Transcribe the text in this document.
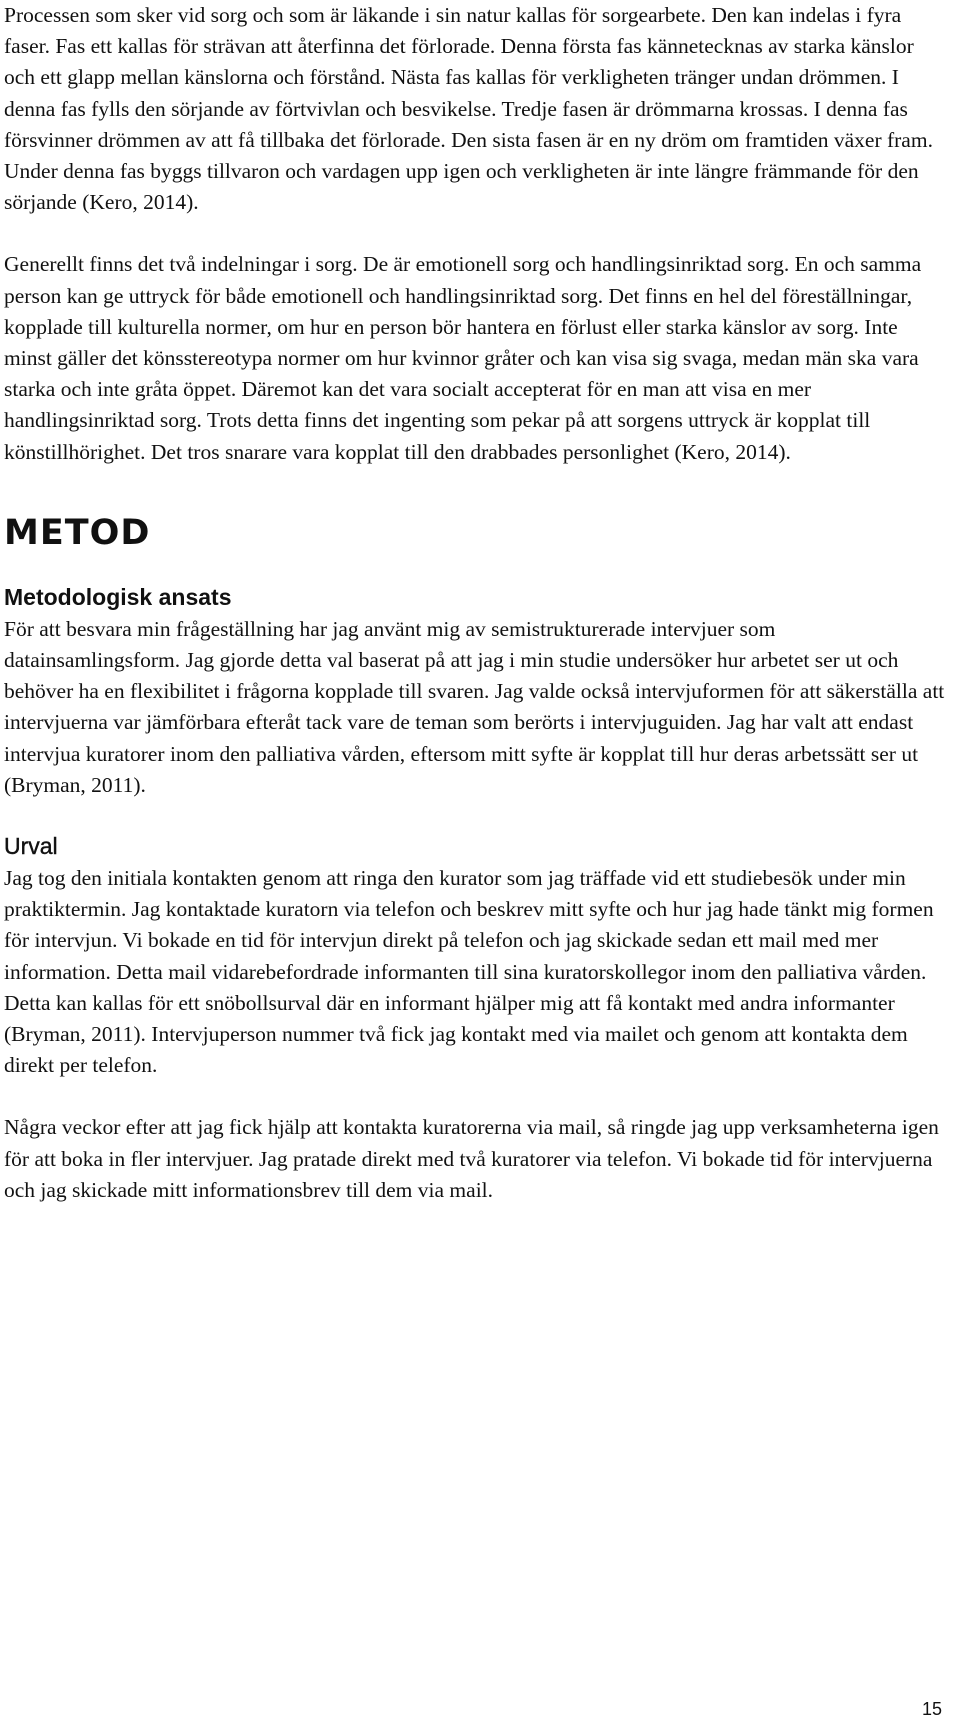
Processen som sker vid sorg och som är läkande i sin natur kallas för sorgearbete. Den kan indelas i fyra faser. Fas ett kallas för strävan att återfinna det förlorade. Denna första fas kännetecknas av starka känslor och ett glapp mellan känslorna och förstånd. Nästa fas kallas för verkligheten tränger undan drömmen. I denna fas fylls den sörjande av förtvivlan och besvikelse. Tredje fasen är drömmarna krossas. I denna fas försvinner drömmen av att få tillbaka det förlorade. Den sista fasen är en ny dröm om framtiden växer fram. Under denna fas byggs tillvaron och vardagen upp igen och verkligheten är inte längre främmande för den sörjande (Kero, 2014).

Generellt finns det två indelningar i sorg. De är emotionell sorg och handlingsinriktad sorg. En och samma person kan ge uttryck för både emotionell och handlingsinriktad sorg. Det finns en hel del föreställningar, kopplade till kulturella normer, om hur en person bör hantera en förlust eller starka känslor av sorg. Inte minst gäller det könsstereotypa normer om hur kvinnor gråter och kan visa sig svaga, medan män ska vara starka och inte gråta öppet. Däremot kan det vara socialt accepterat för en man att visa en mer handlingsinriktad sorg. Trots detta finns det ingenting som pekar på att sorgens uttryck är kopplat till könstillhörighet. Det tros snarare vara kopplat till den drabbades personlighet (Kero, 2014).

METOD
Metodologisk ansats

För att besvara min frågeställning har jag använt mig av semistrukturerade intervjuer som datainsamlingsform. Jag gjorde detta val baserat på att jag i min studie undersöker hur arbetet ser ut och behöver ha en flexibilitet i frågorna kopplade till svaren. Jag valde också intervjuformen för att säkerställa att intervjuerna var jämförbara efteråt tack vare de teman som berörts i intervjuguiden. Jag har valt att endast intervjua kuratorer inom den palliativa vården, eftersom mitt syfte är kopplat till hur deras arbetssätt ser ut (Bryman, 2011).

Urval

Jag tog den initiala kontakten genom att ringa den kurator som jag träffade vid ett studiebesök under min praktiktermin. Jag kontaktade kuratorn via telefon och beskrev mitt syfte och hur jag hade tänkt mig formen för intervjun. Vi bokade en tid för intervjun direkt på telefon och jag skickade sedan ett mail med mer information. Detta mail vidarebefordrade informanten till sina kuratorskollegor inom den palliativa vården. Detta kan kallas för ett snöbollsurval där en informant hjälper mig att få kontakt med andra informanter (Bryman, 2011). Intervjuperson nummer två fick jag kontakt med via mailet och genom att kontakta dem direkt per telefon.

Några veckor efter att jag fick hjälp att kontakta kuratorerna via mail, så ringde jag upp verksamheterna igen för att boka in fler intervjuer. Jag pratade direkt med två kuratorer via telefon. Vi bokade tid för intervjuerna och jag skickade mitt informationsbrev till dem via mail.

15
